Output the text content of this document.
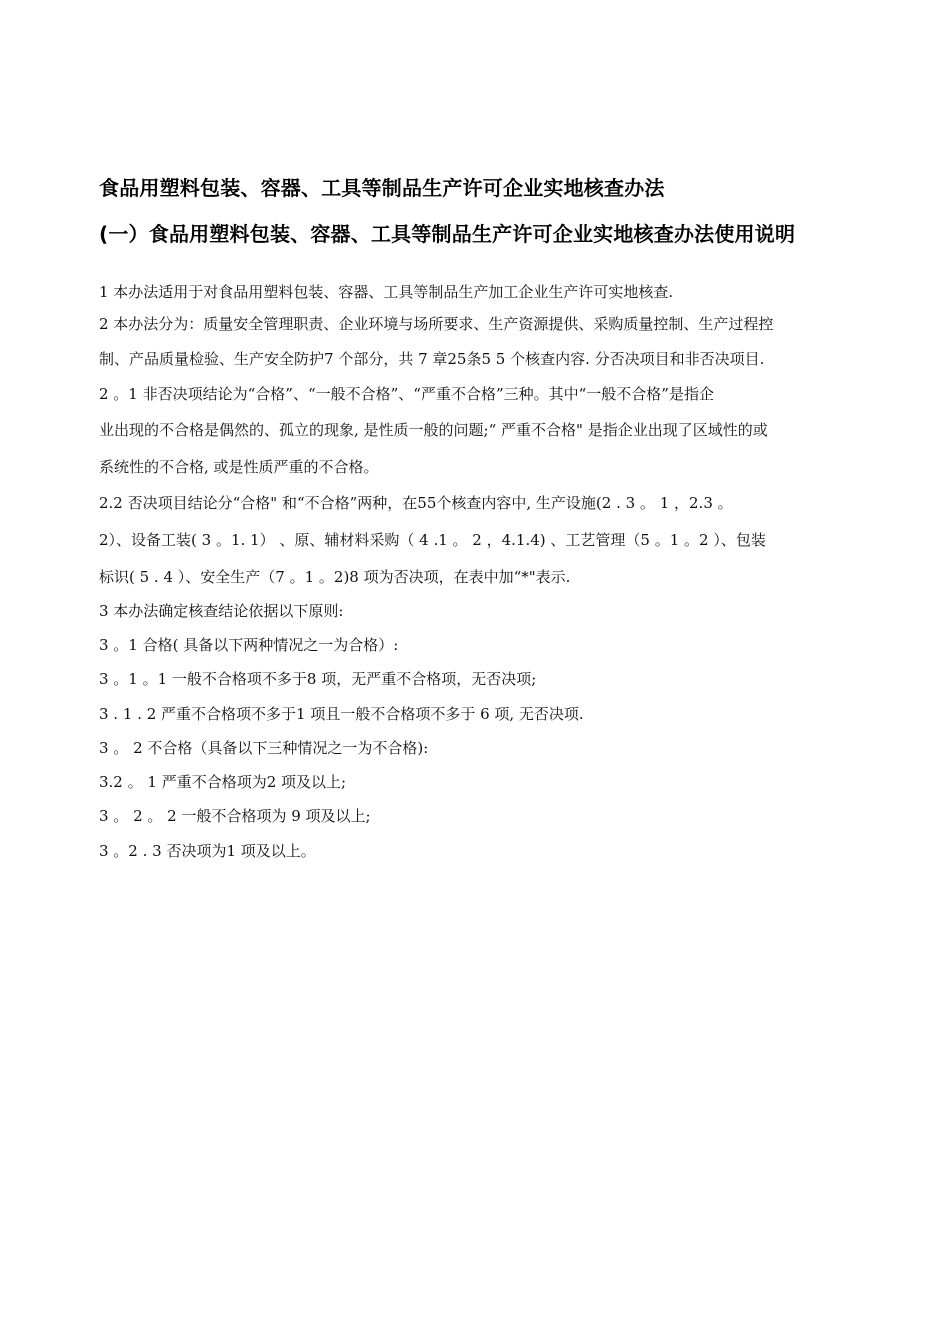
食品用塑料包装、容器、工具等制品生产许可企业实地核查办法
(一）食品用塑料包装、容器、工具等制品生产许可企业实地核查办法使用说明
1 本办法适用于对食品用塑料包装、容器、工具等制品生产加工企业生产许可实地核查.
2 本办法分为：质量安全管理职责、企业环境与场所要求、生产资源提供、采购质量控制、生产过程控
制、产品质量检验、生产安全防护7 个部分，共 7 章25条5 5 个核查内容. 分否决项目和非否决项目.
2 。1 非否决项结论为“合格”、“一般不合格”、“严重不合格”三种。其中“一般不合格”是指企
业出现的不合格是偶然的、孤立的现象, 是性质一般的问题;“ 严重不合格" 是指企业出现了区域性的或
系统性的不合格, 或是性质严重的不合格。
2.2 否决项目结论分“合格" 和“不合格”两种，在55个核查内容中, 生产设施(2 . 3 。 1 ，2.3 。
2）、设备工装( 3 。1. 1） 、原、辅材料采购（ 4 .1 。 2 ，4.1.4) 、工艺管理（5 。1 。2 ）、包装
标识( 5 . 4 ）、安全生产（7 。1 。2)8 项为否决项，在表中加“*"表示.
3 本办法确定核查结论依据以下原则:
3 。1 合格( 具备以下两种情况之一为合格）:
3 。1 。1 一般不合格项不多于8 项，无严重不合格项，无否决项;
3 . 1 . 2 严重不合格项不多于1 项且一般不合格项不多于 6 项, 无否决项.
3 。 2 不合格（具备以下三种情况之一为不合格):
3.2 。 1 严重不合格项为2 项及以上;
3 。 2 。 2 一般不合格项为 9 项及以上;
3 。2 . 3 否决项为1 项及以上。
